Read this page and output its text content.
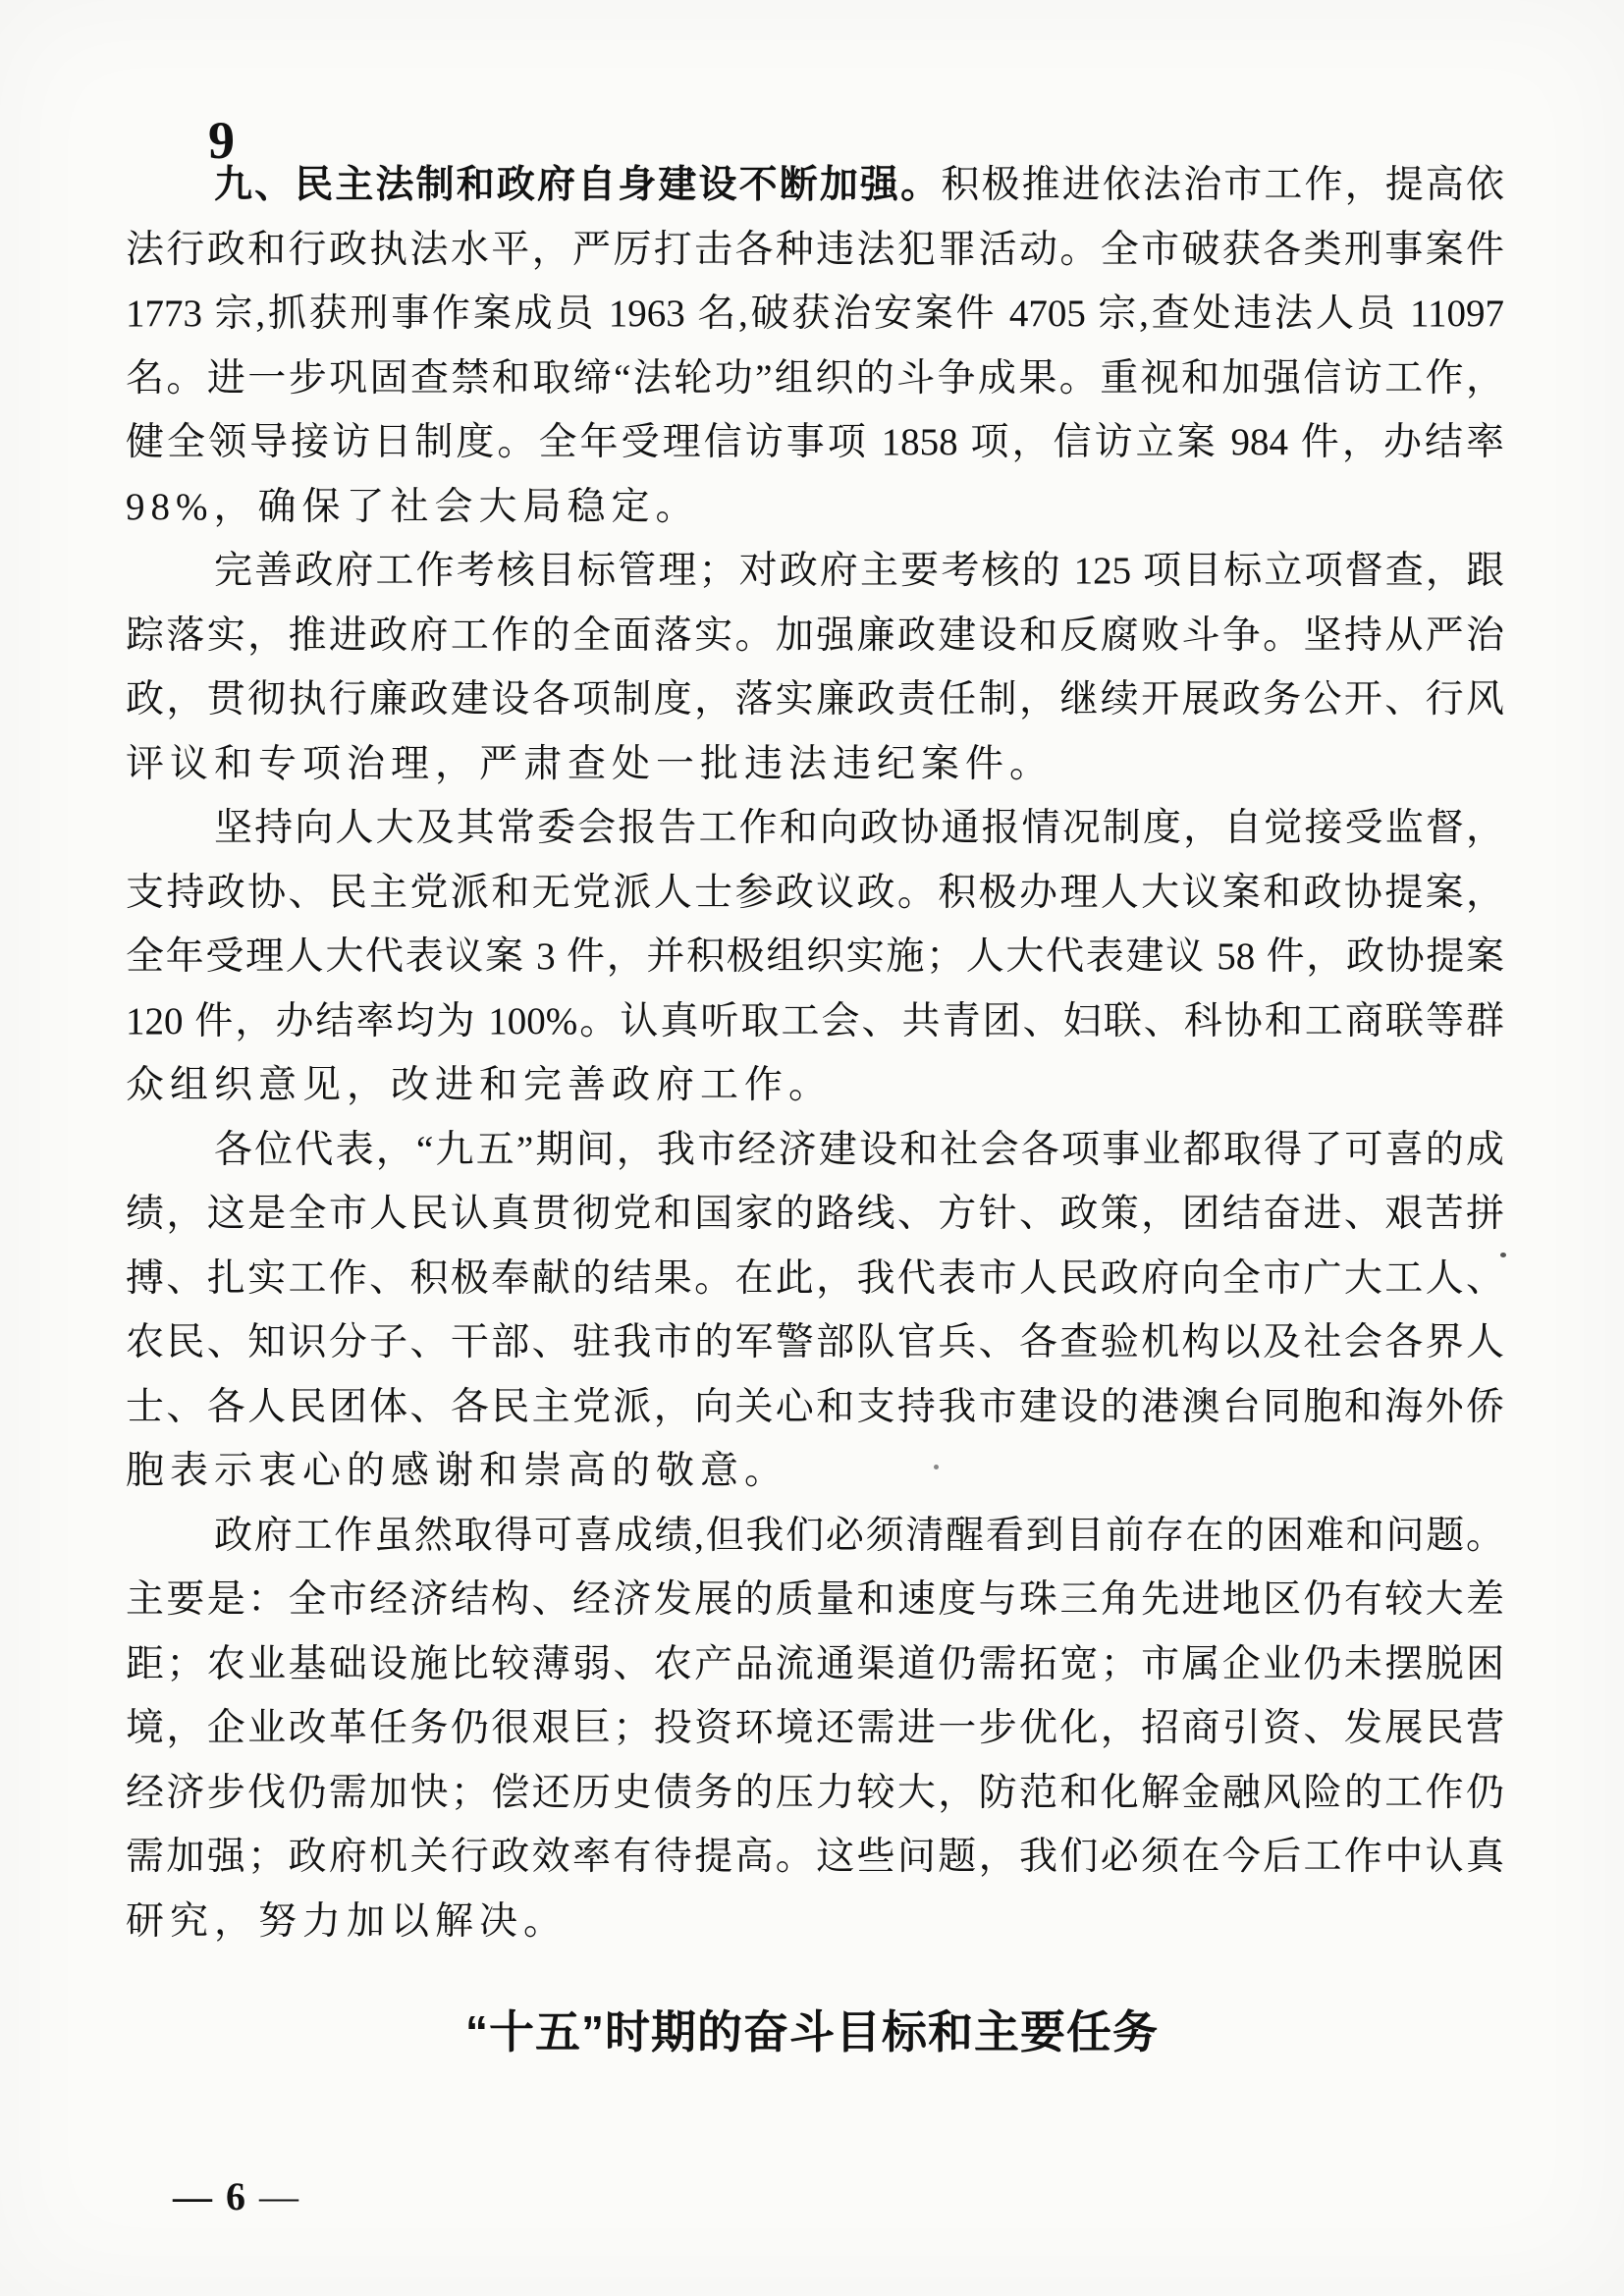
9
九、民主法制和政府自身建设不断加强。积极推进依法治市工作，提高依
法行政和行政执法水平，严厉打击各种违法犯罪活动。全市破获各类刑事案件
1773 宗,抓获刑事作案成员 1963 名,破获治安案件 4705 宗,查处违法人员 11097
名。进一步巩固查禁和取缔“法轮功”组织的斗争成果。重视和加强信访工作，
健全领导接访日制度。全年受理信访事项 1858 项，信访立案 984 件，办结率
98%，确保了社会大局稳定。
完善政府工作考核目标管理；对政府主要考核的 125 项目标立项督查，跟
踪落实，推进政府工作的全面落实。加强廉政建设和反腐败斗争。坚持从严治
政，贯彻执行廉政建设各项制度，落实廉政责任制，继续开展政务公开、行风
评议和专项治理，严肃查处一批违法违纪案件。
坚持向人大及其常委会报告工作和向政协通报情况制度，自觉接受监督，
支持政协、民主党派和无党派人士参政议政。积极办理人大议案和政协提案，
全年受理人大代表议案 3 件，并积极组织实施；人大代表建议 58 件，政协提案
120 件，办结率均为 100%。认真听取工会、共青团、妇联、科协和工商联等群
众组织意见，改进和完善政府工作。
各位代表，“九五”期间，我市经济建设和社会各项事业都取得了可喜的成
绩，这是全市人民认真贯彻党和国家的路线、方针、政策，团结奋进、艰苦拼
搏、扎实工作、积极奉献的结果。在此，我代表市人民政府向全市广大工人、
农民、知识分子、干部、驻我市的军警部队官兵、各查验机构以及社会各界人
士、各人民团体、各民主党派，向关心和支持我市建设的港澳台同胞和海外侨
胞表示衷心的感谢和崇高的敬意。
政府工作虽然取得可喜成绩,但我们必须清醒看到目前存在的困难和问题。
主要是：全市经济结构、经济发展的质量和速度与珠三角先进地区仍有较大差
距；农业基础设施比较薄弱、农产品流通渠道仍需拓宽；市属企业仍未摆脱困
境，企业改革任务仍很艰巨；投资环境还需进一步优化，招商引资、发展民营
经济步伐仍需加快；偿还历史债务的压力较大，防范和化解金融风险的工作仍
需加强；政府机关行政效率有待提高。这些问题，我们必须在今后工作中认真
研究，努力加以解决。
“十五”时期的奋斗目标和主要任务
— 6 —
